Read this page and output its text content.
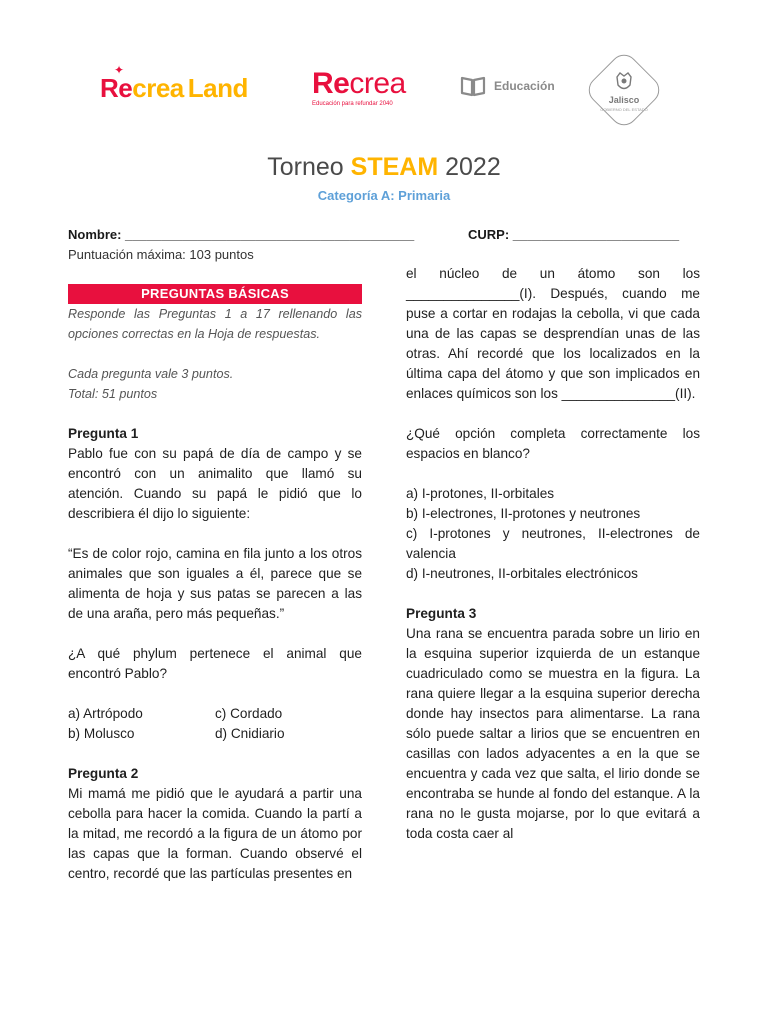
✦
Recrea Land Recrea
Educación para refundar 2040
Educación
Jalisco
GOBIERNO DEL ESTADO
Torneo STEAM 2022
Categoría A: Primaria
Nombre: ________________________________________	CURP: _______________________
Puntuación máxima: 103 puntos
PREGUNTAS BÁSICAS

Responde las Preguntas 1 a 17 rellenando las opciones correctas en la Hoja de respuestas.

Cada pregunta vale 3 puntos.

Total: 51 puntos

Pregunta 1

Pablo fue con su papá de día de campo y se encontró con un animalito que llamó su atención. Cuando su papá le pidió que lo describiera él dijo lo siguiente:

“Es de color rojo, camina en fila junto a los otros animales que son iguales a él, parece que se alimenta de hoja y sus patas se parecen a las de una araña, pero más pequeñas.”

¿A qué phylum pertenece el animal que encontró Pablo?

a) Artrópodo	c) Cordado
b) Molusco	d) Cnidiario

Pregunta 2

Mi mamá me pidió que le ayudará a partir una cebolla para hacer la comida. Cuando la partí a la mitad, me recordó a la figura de un átomo por las capas que la forman. Cuando observé el centro, recordé que las partículas presentes en

el núcleo de un átomo son los _______________(I). Después, cuando me puse a cortar en rodajas la cebolla, vi que cada una de las capas se desprendían unas de las otras. Ahí recordé que los localizados en la última capa del átomo y que son implicados en enlaces químicos son los _______________(II).

¿Qué opción completa correctamente los espacios en blanco?

a) I-protones, II-orbitales

b) I-electrones, II-protones y neutrones

c) I-protones y neutrones, II-electrones de valencia

d) I-neutrones, II-orbitales electrónicos

Pregunta 3

Una rana se encuentra parada sobre un lirio en la esquina superior izquierda de un estanque cuadriculado como se muestra en la figura. La rana quiere llegar a la esquina superior derecha donde hay insectos para alimentarse. La rana sólo puede saltar a lirios que se encuentren en casillas con lados adyacentes a en la que se encuentra y cada vez que salta, el lirio donde se encontraba se hunde al fondo del estanque. A la rana no le gusta mojarse, por lo que evitará a toda costa caer al
